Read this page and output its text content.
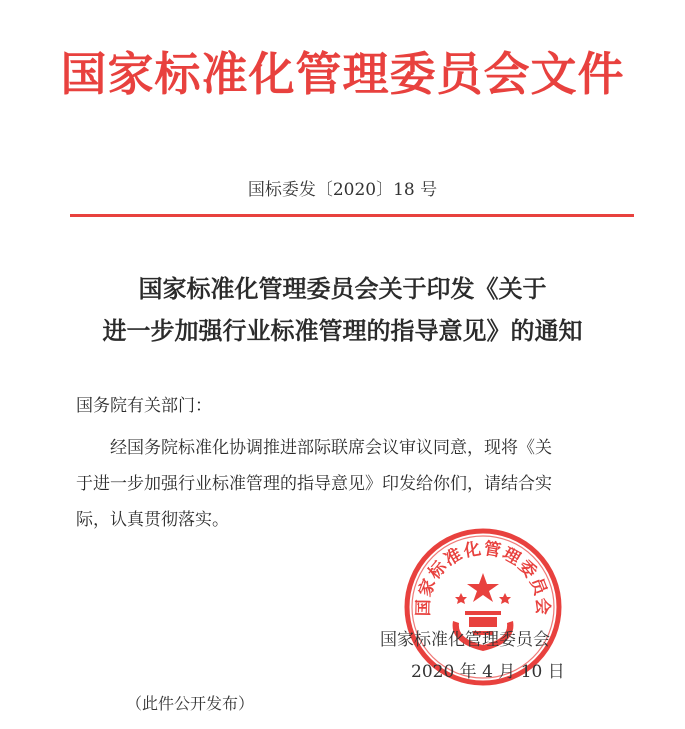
国家标准化管理委员会文件
国标委发〔2020〕18 号
国家标准化管理委员会关于印发《关于
进一步加强行业标准管理的指导意见》的通知
国务院有关部门：
经国务院标准化协调推进部际联席会议审议同意，现将《关
于进一步加强行业标准管理的指导意见》印发给你们，请结合实
际，认真贯彻落实。
国家标准化管理委员会
国家标准化管理委员会
2020 年 4 月 10 日
（此件公开发布）
